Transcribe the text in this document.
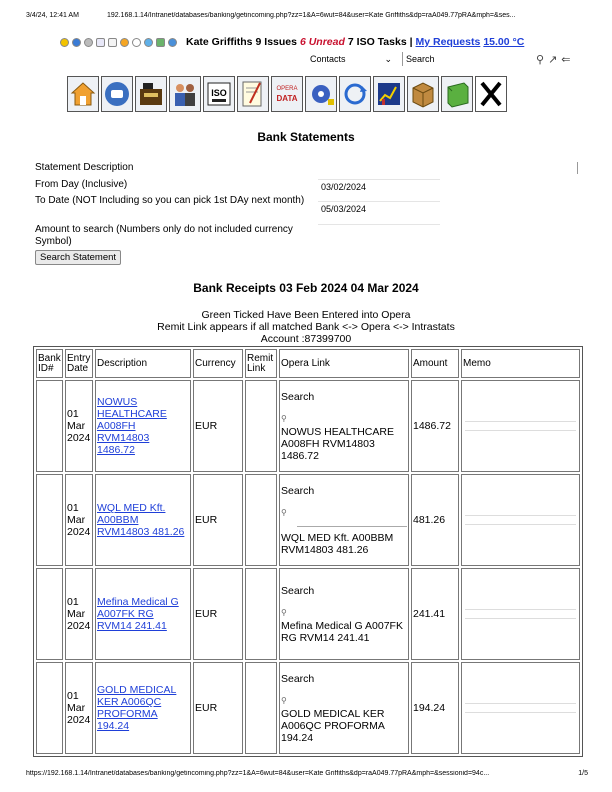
3/4/24, 12:41 AM	192.168.1.14/Intranet/databases/banking/getincoming.php?zz=1&A=6wut=84&user=Kate Griffiths&dp=raA049.77pRA&mph=&ses...
Kate Griffiths 9 Issues 6 Unread 7 ISO Tasks | My Requests 15.00 °C
Contacts	⌄	Search	⚲ ↗ ⇐
ISO	OPERA
DATA
Bank Statements
Statement Description
From Day (Inclusive)	03/02/2024
To Date (NOT Including so you can pick 1st DAy next month)
05/03/2024
Amount to search (Numbers only do not included currency Symbol)
Search Statement
Bank Receipts 03 Feb 2024 04 Mar 2024
Green Ticked Have Been Entered into Opera
Remit Link appears if all matched Bank <-> Opera <-> Intrastats
Account :87399700
Bank ID#	Entry Date	Description	Currency	Remit Link	Opera Link	Amount	Memo
	01 Mar 2024	NOWUS HEALTHCARE A008FH RVM14803 1486.72	EUR		Search
⚲
NOWUS HEALTHCARE A008FH RVM14803 1486.72	1486.72	

	01 Mar 2024	WQL MED Kft. A00BBM RVM14803 481.26	EUR		Search
⚲
WQL MED Kft. A00BBM RVM14803 481.26	481.26	

	01 Mar 2024	Mefina Medical G A007FK RG RVM14 241.41	EUR		Search
⚲
Mefina Medical G A007FK RG RVM14 241.41	241.41	

	01 Mar 2024	GOLD MEDICAL KER A006QC PROFORMA 194.24	EUR		Search
⚲
GOLD MEDICAL KER A006QC PROFORMA 194.24	194.24	
https://192.168.1.14/Intranet/databases/banking/getincoming.php?zz=1&A=6wut=84&user=Kate Griffiths&dp=raA049.77pRA&mph=&sessionid=94c...	1/5
